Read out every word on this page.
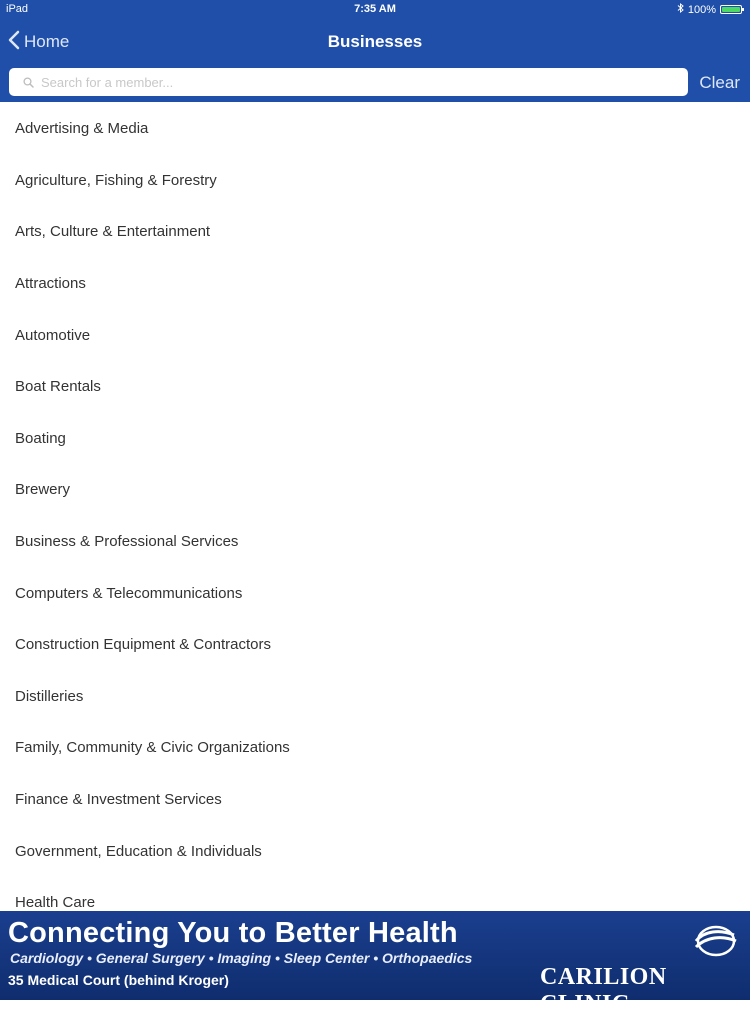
iPad	7:35 AM	100%
Home	Businesses
Search for a member...
Clear
Advertising & Media
Agriculture, Fishing & Forestry
Arts, Culture & Entertainment
Attractions
Automotive
Boat Rentals
Boating
Brewery
Business & Professional Services
Computers & Telecommunications
Construction Equipment & Contractors
Distilleries
Family, Community & Civic Organizations
Finance & Investment Services
Government, Education & Individuals
Health Care
Connecting You to Better Health
Cardiology • General Surgery • Imaging • Sleep Center • Orthopaedics
35 Medical Court (behind Kroger)	CARILION CLINIC
